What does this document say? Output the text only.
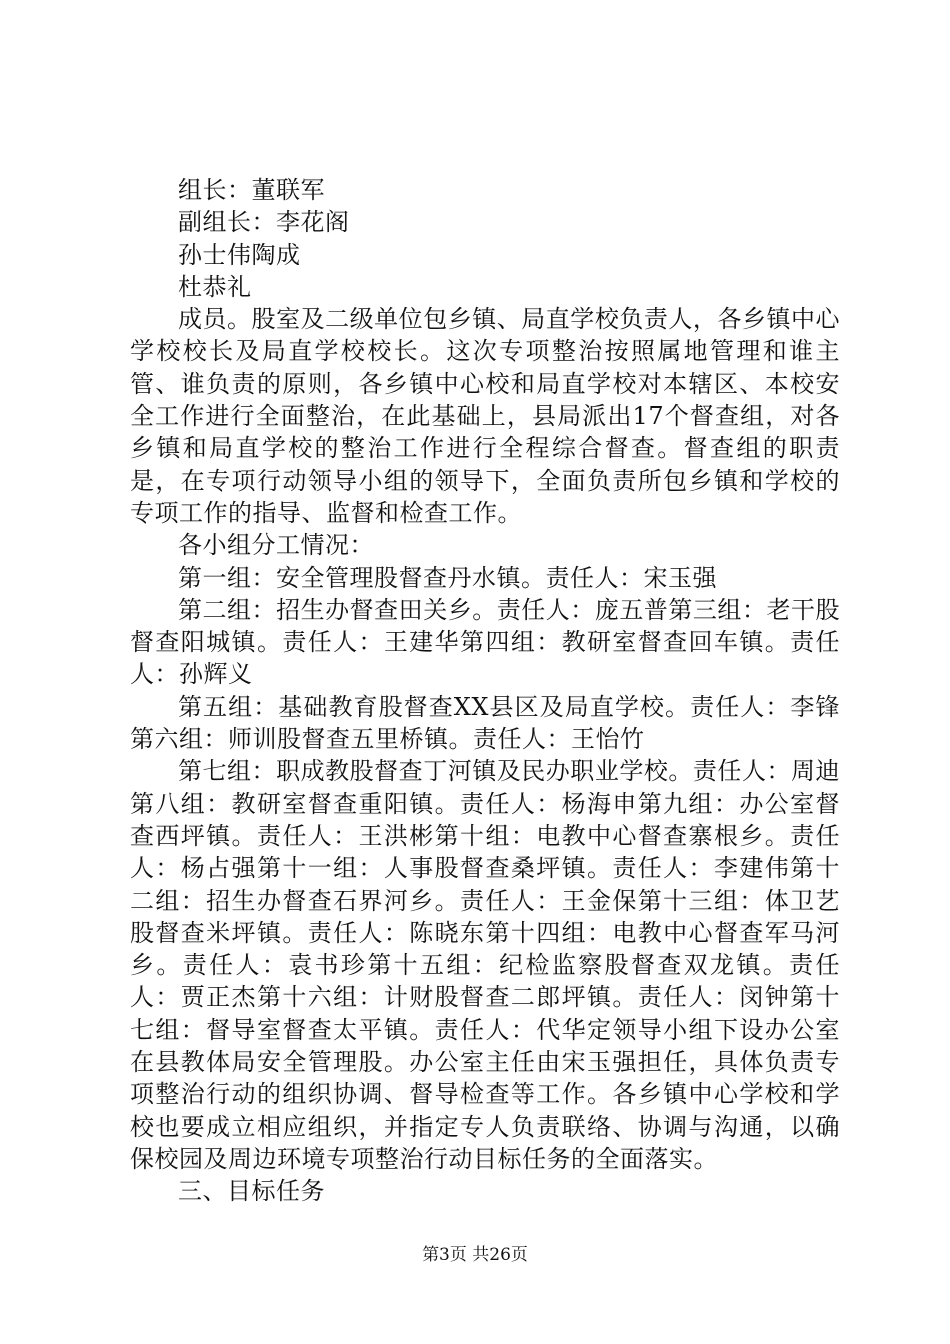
组长：董联军

副组长：李花阁

孙士伟陶成

杜恭礼

成员。股室及二级单位包乡镇、局直学校负责人，各乡镇中心学校校长及局直学校校长。这次专项整治按照属地管理和谁主管、谁负责的原则，各乡镇中心校和局直学校对本辖区、本校安全工作进行全面整治，在此基础上，县局派出17个督查组，对各乡镇和局直学校的整治工作进行全程综合督查。督查组的职责是，在专项行动领导小组的领导下，全面负责所包乡镇和学校的专项工作的指导、监督和检查工作。

各小组分工情况：

第一组：安全管理股督查丹水镇。责任人：宋玉强

第二组：招生办督查田关乡。责任人：庞五普第三组：老干股督查阳城镇。责任人：王建华第四组：教研室督查回车镇。责任人：孙辉义

第五组：基础教育股督查XX县区及局直学校。责任人：李锋第六组：师训股督查五里桥镇。责任人：王怡竹

第七组：职成教股督查丁河镇及民办职业学校。责任人：周迪第八组：教研室督查重阳镇。责任人：杨海申第九组：办公室督查西坪镇。责任人：王洪彬第十组：电教中心督查寨根乡。责任人：杨占强第十一组：人事股督查桑坪镇。责任人：李建伟第十二组：招生办督查石界河乡。责任人：王金保第十三组：体卫艺股督查米坪镇。责任人：陈晓东第十四组：电教中心督查军马河乡。责任人：袁书珍第十五组：纪检监察股督查双龙镇。责任人：贾正杰第十六组：计财股督查二郎坪镇。责任人：闵钟第十七组：督导室督查太平镇。责任人：代华定领导小组下设办公室在县教体局安全管理股。办公室主任由宋玉强担任，具体负责专项整治行动的组织协调、督导检查等工作。各乡镇中心学校和学校也要成立相应组织，并指定专人负责联络、协调与沟通，以确保校园及周边环境专项整治行动目标任务的全面落实。

三、目标任务

第3页 共26页
